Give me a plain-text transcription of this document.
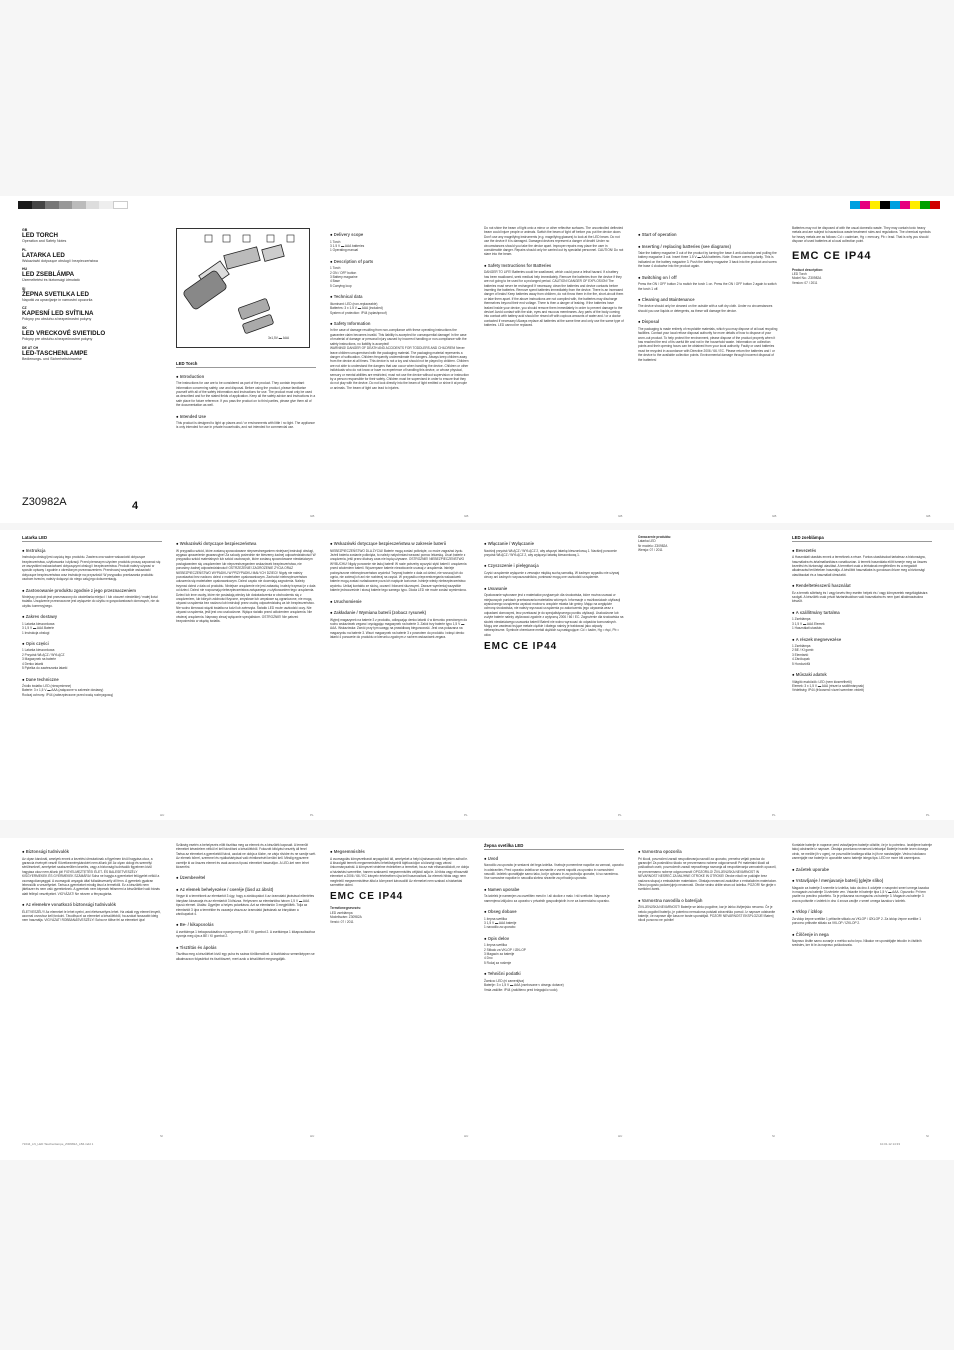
GB
LED TORCH
Operation and Safety Notes
PL
LATARKA LED
Wskazówki dotyczące obsługi i bezpieczeństwa
HU
LED ZSEBLÁMPA
Üzemeltetési és biztonsági útmutató
SI
ŽEPNA SVETILKA LED
Napotki za upravljanje in varnostni opozorila
CZ
KAPESNÍ LED SVÍTILNA
Pokyny pro obsluhu a bezpečnostní pokyny
SK
LED VRECKOVÉ SVIETIDLO
Pokyny pre obsluhu a bezpečnostné pokyny
DE AT CH
LED-TASCHENLAMPE
Bedienungs- und Sicherheitshinweise
Z30982A	4
3x1,5V ▬ AAA
LED Torch
● Introduction
The instructions for use are to be considered as part of the product. They contain important information concerning safety, use and disposal. Before using the product, please familiarise yourself with all of the safety information and instructions for use. The product must only be used as described and for the stated fields of application. Keep all the safety advice and instructions in a safe place for future reference. If you pass the product on to third parties, please give them all of the documentation as well.
● Intended Use
This product is designed to light up places and / or environments with little / no light. The appliance is only intended for use in private households, and not intended for commercial use.
● Delivery scope
1 Torch
3 1.5 V ▬ AAA batteries
1 Operating manual
● Description of parts
1 Torch
2 ON / OFF button
3 Battery magazine
4 Base
5 Carrying loop
● Technical data
Illuminant: LED (non-replaceable)
Batteries: 3 x 1.5 V ▬ AAA (included)
System of protection: IP44 (splashproof)
● Safety Information
In the case of damage resulting from non-compliance with these operating instructions the guarantee claim becomes invalid. This liability is accepted for consequential damage! In the case of material of damage or personal injury caused by incorrect handling or non-compliance with the safety instructions, no liability is accepted!
WARNING! DANGER OF DEATH AND ACCIDENTS FOR TODDLERS AND CHILDREN! Never leave children unsupervised with the packaging material. The packaging material represents a danger of suffocation. Children frequently underestimate the dangers. Always keep children away from the device at all times. This device is not a toy and should not be played by children. Children are not able to understand the dangers that can occur when handling the device. Children or other individuals who do not know or have no experience of handling this device, or whose physical, sensory or mental abilities are restricted, must not use the device without supervision or instruction by a person responsible for their safety. Children must be supervised in order to ensure that they do not play with the device. Do not look directly into the beam of light emitted or shine it at people or animals. The beam of light can lead to injuries.
Do not shine the beam of light onto a mirror or other reflective surfaces. The uncontrolled deflected beam could injure people or animals. Switch the beam of light off before you put the device down. Don't use any magnifying instruments (e.g. magnifying glasses) to look at the LED beam. Do not use the device if it is damaged. Damaged devices represent a danger of death! Under no circumstances should you take the device apart. Improper repairs may place the user in considerable danger. Repairs should only be carried out by specialist personnel. CAUTION! Do not stare into the beam.
● Safety Instructions for Batteries
DANGER TO LIFE! Batteries could be swallowed, which could pose a lethal hazard. If a battery has been swallowed, seek medical help immediately. Remove the batteries from the device if they are not going to be used for a prolonged period. CAUTION! DANGER OF EXPLOSION! The batteries must never be recharged! If necessary, clean the batteries and device contacts before inserting the batteries. Remove spent batteries immediately from the device. There is an increased danger of leaks! Keep batteries away from children, do not throw them in the fire, short-circuit them or take them apart. If the above instructions are not complied with, the batteries may discharge themselves beyond their end voltage. There is then a danger of leaking. If the batteries have leaked inside your device, you should remove them immediately in order to prevent damage to the device! Avoid contact with the skin, eyes and mucous membranes. Any parts of the body coming into contact with battery acid should be rinsed off with copious amounts of water and / or a doctor contacted if necessary! Always replace all batteries at the same time and only use the same type of batteries. LED cannot be replaced.
● Start of operation
● Inserting / replacing batteries (see diagrams)
Take the battery magazine 3 out of the product by turning the base 4 anti-clockwise and pulling the battery magazine 3 out. Insert three 1.5 V ▬ AAA batteries. Note: Ensure correct polarity. This is indicated on the battery magazine 3. Push the battery magazine 3 back into the product and screw the base 4 clockwise into the product again.
● Switching on / off
Press the ON / OFF button 2 to switch the torch 1 on. Press the ON / OFF button 2 again to switch the torch 1 off.
● Cleaning and Maintenance
The device should only be cleaned on the outside with a soft dry cloth. Under no circumstances should you use liquids or detergents, as these will damage the device.
● Disposal
The packaging is made entirely of recyclable materials, which you may dispose of at local recycling facilities. Contact your local refuse disposal authority for more details of how to dispose of your worn-out product. To help protect the environment, please dispose of the product properly when it has reached the end of its useful life and not in the household waste. Information on collection points and their opening hours can be obtained from your local authority. Faulty or used batteries must be recycled in accordance with Directive 2006 / 66 / EC. Please return the batteries and / or the device to the available collection points. Environmental damage through incorrect disposal of the batteries!
Batteries may not be disposed of with the usual domestic waste. They may contain toxic heavy metals and are subject to hazardous waste treatment rules and regulations. The chemical symbols for heavy metals are as follows: Cd = cadmium, Hg = mercury, Pb = lead. That is why you should dispose of used batteries at a local collection point.
EMC CE IP44
Product description:
LED Torch
Model No.: Z30982A
Version: 07 / 2011
GB	GB	GB	GB	GB
Latarka LED
● Instrukcja
Instrukcja obsługi jest częścią tego produktu. Zawiera ona ważne wskazówki dotyczące bezpieczeństwa, użytkowania i utylizacji. Przed pierwszym użyciem produktu proszę zapoznać się ze wszystkimi wskazówkami dotyczącymi obsługi i bezpieczeństwa. Produkt należy używać w sposób opisany i zgodnie z określonym przeznaczeniem. Przechowuj wszystkie wskazówki dotyczące bezpieczeństwa oraz instrukcje na przyszłość! W przypadku przekazania produktu osobom trzecim, należy dołączyć do niego całą jego dokumentację.
● Zastosowanie produktu zgodnie z jego przeznaczeniem
Niniejszy produkt jest przeznaczony do oświetlania miejsc i / lub otoczeń niewielkiej / małej ilości światła. Urządzenie przeznaczone jest wyłącznie do użytku w gospodarstwach domowych, nie do użytku komercyjnego.
● Zakres dostawy
1 Latarka kieszonkowa
3 1,5 V ▬ AAA Baterie
1 Instrukcja obsługi
● Opis części
1 Latarka kieszonkowa
2 Przycisk WŁĄCZ / WYŁĄCZ
3 Magazynek na baterie
4 Denko latarki
5 Pętelka do zawieszania latarki
● Dane techniczne
Źródło światła: LED (niewymienne)
Baterie: 3 x 1,5 V ▬ AAA (załączone w zakresie dostawy)
Rodzaj ochrony: IP44 (zabezpieczone przed wodą rozbryzgową)
● Wskazówki dotyczące bezpieczeństwa
W przypadku szkód, które zostaną spowodowane nieprzestrzeganiem niniejszej instrukcji obsługi, wygasa uprawnienie gwarancyjne! Za szkody pośrednie nie bierzemy żadnej odpowiedzialności! W przypadku szkód materialnych lub szkód osobowych, które zostaną spowodowane niewłaściwym posługiwaniem się urządzeniem lub nieprzestrzeganiem wskazówek bezpieczeństwa, nie ponosimy żadnej odpowiedzialności! OSTRZEŻENIE! ZAGROŻENIE ŻYCIA ORAZ NIEBEZPIECZEŃSTWO WYPADKU W PRZYPADKU MAŁYCH DZIECI! Nigdy nie należy pozostawiać bez nadzoru dzieci z materiałem opakowaniowym. Zachodzi niebezpieczeństwo uduszenia się materiałem opakowaniowym. Dzieci często nie doceniają zagrożenia. Należy trzymać dzieci z dala od produktu. Niniejsze urządzenie nie jest zabawką i należy trzymać je z dala od dzieci. Dzieci nie rozpoznają niebezpieczeństwa związanego z użytkowaniem tego urządzenia. Dzieci lub inne osoby, które nie posiadają wiedzy lub doświadczenia w obchodzeniu się z urządzeniem, lub których zdolności fizyczne, zmysłowe lub umysłowe są ograniczone, nie mogą używać urządzenia bez nadzoru lub instrukcji przez osobę odpowiedzialną za ich bezpieczeństwo. Nie wolno kierować wiązki światła na ludzi lub zwierzęta. Światło LED może uszkodzić oczy. Nie używać urządzenia, jeśli jest ono uszkodzone. Wyłącz światło przed odłożeniem urządzenia. Nie otwieraj urządzenia. Naprawy zlecaj wyłącznie specjalistom. OSTROŻNIE! Nie patrzeć bezpośrednio w wiązkę światła.
● Wskazówki dotyczące bezpieczeństwa w zakresie baterii
NIEBEZPIECZEŃSTWO DLA ŻYCIA! Baterie mogą zostać połknięte, co może zagrażać życiu. Jeżeli bateria zostanie połknięta, to należy natychmiast wezwać pomoc lekarską. Usuń baterie z urządzenia, jeśli przez dłuższy czas nie będą używane. OSTROŻNIE! NIEBEZPIECZEŃSTWO WYBUCHU! Nigdy ponownie nie ładuj baterii! W razie potrzeby wyczyść styki baterii i urządzenia przed włożeniem baterii. Wyczerpane baterie niezwłocznie usuwaj z urządzenia. Istnieje podwyższone niebezpieczeństwo wycieku! Trzymaj baterie z dala od dzieci, nie wrzucaj ich do ognia, nie zwieraj ich ani nie rozbieraj na części. W przypadku nieprzestrzegania wskazówek baterie mogą zostać rozładowane poza ich napięcie końcowe. Istnieje wtedy niebezpieczeństwo wycieku. Unikaj kontaktu ze skórą, oczami i błonami śluzowymi. Zawsze wymieniaj wszystkie baterie jednocześnie i stosuj baterie tego samego typu. Dioda LED nie może zostać wymieniona.
● Uruchomienie
● Zakładanie / Wymiana baterii (zobacz rysunek)
Wyjmij magazynek na baterie 3 z produktu, odkręcając denko latarki 4 w kierunku przeciwnym do ruchu wskazówek zegara i wyciągając magazynek na baterie 3. Załóż trzy baterie typu 1,5 V ▬ AAA. Wskazówka: Zwróć przy tym uwagę na prawidłową biegunowość. Jest ona pokazana na magazynku na baterie 3. Wsuń magazynek na baterie 3 z powrotem do produktu i wkręć denko latarki 4 ponownie do produktu w kierunku zgodnym z ruchem wskazówek zegara.
● Włączanie / Wyłączanie
Naciśnij przycisk WŁĄCZ / WYŁĄCZ 2, aby włączyć latarkę kieszonkową 1. Naciśnij ponownie przycisk WŁĄCZ / WYŁĄCZ 2, aby wyłączyć latarkę kieszonkową 1.
● Czyszczenie i pielęgnacja
Czyść urządzenie wyłącznie z zewnątrz miękką suchą szmatką. W żadnym wypadku nie używaj cieczy ani żadnych rozpuszczalników, ponieważ mogą one uszkodzić urządzenie.
● Usuwanie
Opakowanie wykonane jest z materiałów przyjaznych dla środowiska, które można usuwać w miejscowych punktach przetwarzania materiałów wtórnych. Informacje o możliwościach utylizacji wysłużonego urządzenia uzyskać można w urzędzie miasta lub gminy. Mając na względzie ochronę środowiska, nie należy wyrzucać urządzenia po zakończeniu jego używania wraz z odpadami domowymi, lecz przekazać je do specjalistycznego punktu utylizacji. Uszkodzone lub zużyte baterie należy utylizować zgodnie z wytyczną 2006 / 66 / EC. Zagrożenie dla środowiska na skutek niewłaściwego usuwania baterii! Baterii nie wolno wyrzucać do odpadów komunalnych. Mogą one zawierać trujące metale ciężkie i dlatego należy je traktować jako odpady niebezpieczne. Symbole chemiczne metali ciężkich są następujące: Cd = kadm, Hg = rtęć, Pb = ołów.
EMC CE IP44
Oznaczenie produktu:
Latarka LED
Nr modelu: Z30982A
Wersja: 07 / 2011
LED zseblámpa
● Bevezetés
A Használati utasítás ennek a terméknek a része. Fontos utasításokat tartalmaz a biztonságra, használatra és ártalmatlanításra vonatkozóan. A termék használata előtt ismerje meg az összes kezelési és biztonsági utasítást. A terméket csak a leírtaknak megfelelően és a megadott alkalmazási területeken használja. A későbbi használatra is gondosan őrizze meg a biztonsági utasításokat és a használati útmutatót.
● Rendeltetésszerű használat
Ez a termék sötétség és / vagy kevés fény esetén helyek és / vagy környezetek megvilágítására szolgál. A készülék csak privát háztartásokban való használatra és nem ipari alkalmazásokra készült.
● A szállítmány tartalma
1 Zseblámpa
3 1,5 V ▬ AAA Elemek
1 Használati utasítás
● A részek megnevezése
1 Zseblámpa
2 BE / KI gomb
3 Elemtartó
4 Zárókupak
5 Hordozófül
● Műszaki adatok
Világító eszközök: LED (nem kicserélhető)
Elemek: 3 x 1,5 V ▬ AAA (részei a szállítmánynak)
Védettség: IP44 (fröccsenő vízzel szemben védett)
PL	PL	PL	PL	PL
HU
● Biztonsági tudnivalók
Az olyan károknál, amelyek ennek a kezelési útmutatónak a figyelmen kívül hagyása okoz, a garancia érvényét veszti! Következménykárokért nem állunk jót! Az olyan dologi és személyi sérüléseknél, amelyeket szakszerűtlen kezelés, vagy a biztonsági tudnivalók figyelmen kívül hagyása okoz nem állunk jót! FIGYELMEZTETÉS! ÉLET- ÉS BALESETVESZÉLY KISGYERMEKEK ÉS GYERMEKEK SZÁMÁRA! Soha ne hagyja a gyerekeket felügyelet nélkül a csomagolóanyaggal. A csomagoló anyagok által fulladásveszély áll fenn. A gyerekek gyakran lebecsülik a veszélyeket. Tartsa a gyerekeket mindig távol a terméktől. Ez a készülék nem játékszer és nem való gyerekeknek. A gyerekek nem képesek felismerni a készülékkel való bánás alatt fellépő veszélyeket. VIGYÁZAT! Ne nézzen a fénysugárba.
● Az elemekre vonatkozó biztonsági tudnivalók
ÉLETVESZÉLY! Az elemeket le lehet nyelni, ami életveszélyes lehet. Ha valaki egy elemet lenyelt, azonnal orvoshoz kell fordulni. Távolítsa el az elemeket a készülékből, ha azokat hosszabb ideig nem használja. VIGYÁZAT! ROBBANÁSVESZÉLY! Soha ne töltse fel az elemeket újra!
Szükség esetén a behelyezés előtt tisztítsa meg az elemek és a készülék kapcsait. A lemerült elemeket késedelem nélkül el kell távolítani a készülékből. Fokozott kifolyási veszély áll fenn! Tartsa az elemeket a gyerekektől távol, azokat ne dobja a tűzbe, ne zárja rövidre és ne szedje szét. Az elemek bőrrel, szemmel és nyálkahártyával való érintkezését kerülni kell. Mindig egyszerre cserélje ki az összes elemet és csak azonos típusú elemeket használjon. A LED-ket nem lehet kicserélni.
● Üzembevétel
● Az elemek behelyezése / cseréje (lásd az ábrát)
Vegye ki a terméknek az elemtartót 3 úgy, hogy a zárókupakot 4 az óramutató járásával ellentétes irányban kicsavarja és az elemtartót 3 kihúzza. Helyezzen az elemtartóba három 1,5 V ▬ AAA típusú elemet. Utalás: Ügyeljen a helyes polaritásra. Azt az elemtartón 3 megjelölték. Tolja az elemtartót 3 újra a termékbe és csavarja vissza az óramutató járásának az irányában a zárókupakot 4.
● Be- / kikapcsolás
A zseblámpa 1 bekapcsolásához nyomja meg a BE / KI gombot 2. A zseblámpa 1 kikapcsolásához nyomja meg újra a BE / KI gombot 2.
● Tisztítás és ápolás
Tisztítsa meg a készüléket kívül egy puha és száraz törlőkendővel. A tisztításhoz semmiképpen se alkalmazzon folyadékot és tisztítószert, mert azok a készüléket megrongálják.
● Megsemmisítés
A csomagolás környezetbarát anyagokból áll, amelyeket a helyi újrahasznosító helyeken adhat le. A kiszolgált termék megsemmisítési lehetőségeiről tájékozódjon a községi vagy városi önkormányzatnál. A környezet védelme érdekében a terméket, ha az már elhasználódott, ne dobja a háztartási szemétbe, hanem szakszerű megsemmisítés céljából adja le. A hibás vagy elhasznált elemeket a 2006 / 66 / EC irányelv értelmében újra kell hasznosítani. Az elemek hibás vagy nem megfelelő megsemmisítése által a környezet károsodik! Az elemeket nem szabad a háztartási szemétbe dobni.
EMC CE IP44
Termékmegnevezés:
LED zseblámpa
Modellszám: Z30982A
Verzió: 07 / 2011
Žepna svetilka LED
● Uvod
Navodilo za uporabo je sestavni del tega izdelka. Vsebuje pomembne napotke za varnost, uporabo in odstranitev. Pred uporabo izdelka se seznanite z vsemi napotki za uporabo in varnostnimi navodili. Izdelek uporabljajte samo tako, kot je opisano in za področja uporabe, ki so navedena. Vse varnostne napotke in navodila skrbno shranite za prihodnjo uporabo.
● Namen uporabe
Ta izdelek je namenjen za osvetlitev mest in / ali okolice z malo / nič svetlobe. Naprava je namenjena izključno za uporabo v privatnih gospodinjstvih in ne za komercialno uporabo.
● Obseg dobave
1 žepna svetilka
3 1,5 V ▬ AAA baterije
1 navodilo za uporabo
● Opis delov
1 žepna svetilka
2 Stikalo za VKLOP / IZKLOP
3 Magacin za baterije
4 Dno
5 Ročaj za nošenje
● Tehnični podatki
Žarnica: LED (ni zamenljiva)
Baterije: 3 x 1,5 V ▬ AAA (vsebovane v obsegu dobave)
Vrsta zaščite: IP44 (zaščiteno pred brizgajočo vodo)
● Varnostna opozorila
Pri škodi, povzročeni zaradi neupoštevanja navodil za uporabo, preneha veljati pravica do garancije! Za posledično škodo ne prevzemamo nobene odgovornosti! Pri materialni škodi ali poškodbah oseb, povzročenih zaradi nepravilnega ravnanja ali neupoštevanja varnostnih opozoril, ne prevzemamo nobene odgovornosti! OPOZORILO! ŽIVLJENJSKA NEVARNOST IN NEVARNOST NESREČ ZA MAJHNE OTROKE IN OTROKE! Otroke nikoli ne puščajte brez nadzora skupaj z embalažnim materialom. Obstaja nevarnost zadušitve z embalažnim materialom. Otroci pogosto podcenjujejo nevarnosti. Otroke vedno držite stran od izdelka. POZOR! Ne glejte v svetlobni žarek.
● Varnostna navodila o baterijah
ŽIVLJENJSKA NEVARNOST! Baterije se lahko pogoltne, kar je lahko življenjsko nevarno. Če je nekdo pogoltnil baterijo, je potrebno nemudoma poiskati zdravniško pomoč. Iz naprave odstranite baterije, če naprave dlje časa ne boste uporabljali. POZOR! NEVARNOST EKSPLOZIJE! Baterij nikoli ponovno ne polnite!
Kontakte baterije in naprave pred vstavljanjem baterije očistite, če je to potrebno. Izrabljene baterije takoj odstranite iz naprave. Obstaja povečana nevarnost iztekanja! Baterije hranite izven dosega otrok, ne mečite jih v ogenj, ne povzročite kratkega stika in jih ne razstavljajte. Vedno istočasno zamenjajte vse baterije in uporabite samo baterije istega tipa. LED ne more biti zamenjana.
● Začetek uporabe
● Vstavljanje / menjavanje baterij (glejte sliko)
Magacin za baterije 3 snemite iz izdelka, tako da dno 4 odvijete v nasprotni smeri urnega kazalca in magacin za baterije 3 izvlečete ven. Vstavite tri baterije tipa 1,5 V ▬ AAA. Opozorilo: Pri tem pazite na pravilno polariteto. Ta je prikazana na magacinu za baterije 3. Magacin za baterije 3 znova potisnite v izdelek in dno 4 znova zavijte v smeri urnega kazalca v izdelek.
● Vklop / izklop
Za vklop žepne svetilke 1 pritisnite stikalo za VKLOP / IZKLOP 2. Za izklop žepne svetilke 1 ponovno pritisnite stikalo za VKLOP / IZKLOP 2.
● Čiščenje in nega
Napravo čistite samo zunanje z mehko suho krpo. Nikakor ne uporabljajte tekočin in čistilnih sredstev, ker bi le-ta napravo poškodovala.
71644_LN_LED Taschenlampe_Z30982A_LB4.indd 1	10.01.12 14:33
HU	HU	HU	SI	SI
SI
